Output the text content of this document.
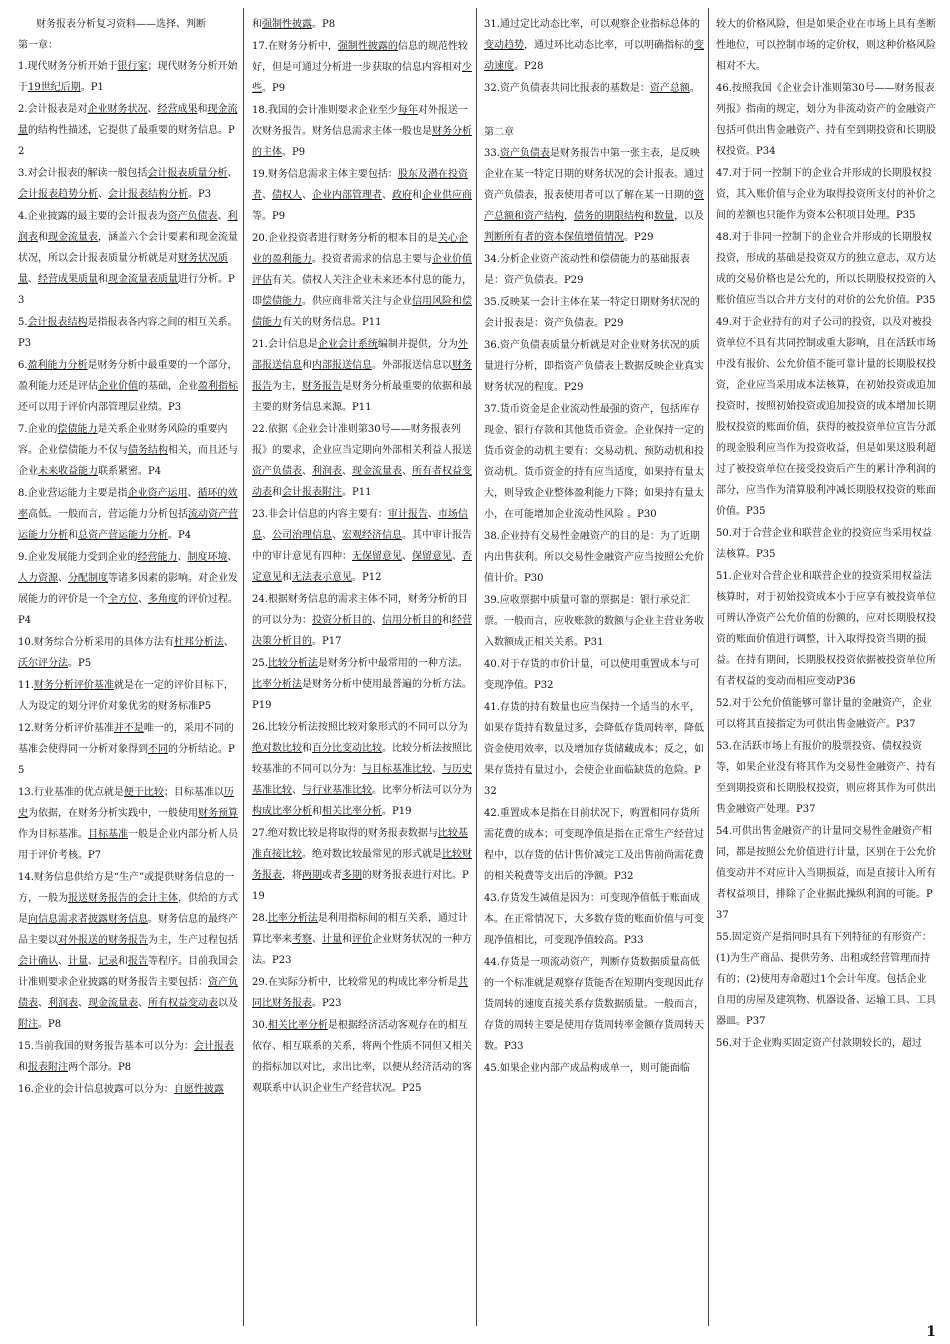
财务报表分析复习资料——选择、判断

第一章：

1.现代财务分析开始于银行家；现代财务分析开始于19世纪后期。P1

2.会计报表是对企业财务状况、经营成果和现金流量的结构性描述，它提供了最重要的财务信息。P2

3.对会计报表的解读一般包括会计报表质量分析、会计报表趋势分析、会计报表结构分析。P3

4.企业披露的最主要的会计报表为资产负债表、利润表和现金流量表，涵盖六个会计要素和现金流量状况，所以会计报表质量分析就是对财务状况质量、经营成果质量和现金流量表质量进行分析。P3

5.会计报表结构是指报表各内容之间的相互关系。P3

6.盈利能力分析是财务分析中最重要的一个部分，盈利能力还是评估企业价值的基础，企业盈利指标还可以用于评价内部管理层业绩。P3

7.企业的偿债能力是关系企业财务风险的重要内容。企业偿债能力不仅与债务结构相关，而且还与企业未来收益能力联系紧密。P4

8.企业营运能力主要是指企业资产运用、循环的效率高低。一般而言，营运能力分析包括流动资产营运能力分析和总资产营运能力分析。P4

9.企业发展能力受到企业的经营能力、制度环境、人力资源、分配制度等诸多因素的影响。对企业发展能力的评价是一个全方位、多角度的评价过程。P4

10.财务综合分析采用的具体方法有杜邦分析法、沃尔评分法。P5

11.财务分析评价基准就是在一定的评价目标下，人为设定的划分评价对象优劣的财务标准P5

12.财务分析评价基准并不是唯一的，采用不同的基准会使得同一分析对象得到不同的分析结论。P5

13.行业基准的优点就是便于比较；目标基准以历史为依据，在财务分析实践中，一般使用财务预算作为目标基准。目标基准一般是企业内部分析人员用于评价考核。P7

14.财务信息供给方是“生产”或提供财务信息的一方，一般为报送财务报告的会计主体，供给的方式是向信息需求者披露财务信息。财务信息的最终产品主要以对外报送的财务报告为主，生产过程包括会计确认、计量、记录和报告等程序。目前我国会计准则要求企业披露的财务报告主要包括：资产负债表、利润表、现金流量表、所有权益变动表以及附注。P8

15.当前我国的财务报告基本可以分为：会计报表和报表附注两个部分。P8

16.企业的会计信息披露可以分为：自愿性披露

和强制性披露。P8

17.在财务分析中，强制性披露的信息的规范性较好，但是可通过分析进一步获取的信息内容相对少些。P9

18.我国的会计准则要求企业至少每年对外报送一次财务报告。财务信息需求主体一般也是财务分析的主体。P9

19.财务信息需求主体主要包括：股东及潜在投资者、债权人、企业内部管理者、政府和企业供应商等。P9

20.企业投资者进行财务分析的根本目的是关心企业的盈利能力。投资者需求的信息主要与企业价值评估有关。债权人关注企业未来还本付息的能力，即偿债能力。供应商非常关注与企业信用风险和偿债能力有关的财务信息。P11

21.会计信息是企业会计系统编制并提供，分为外部报送信息和内部报送信息。外部报送信息以财务报告为主，财务报告是财务分析最重要的依据和最主要的财务信息来源。P11

22.依据《企业会计准则第30号——财务报表列报》的要求，企业应当定期向外部相关利益人报送资产负债表、利润表、现金流量表、所有者权益变动表和会计报表附注。P11

23.非会计信息的内容主要有：审计报告、市场信息、公司治理信息、宏观经济信息。其中审计报告中的审计意见有四种：无保留意见、保留意见、否定意见和无法表示意见。P12

24.根据财务信息的需求主体不同，财务分析的目的可以分为：投资分析目的、信用分析目的和经营决策分析目的。P17

25.比较分析法是财务分析中最常用的一种方法。比率分析法是财务分析中使用最普遍的分析方法。P19

26.比较分析法按照比较对象形式的不同可以分为绝对数比较和百分比变动比较。比较分析法按照比较基准的不同可以分为：与目标基准比较、与历史基准比较、与行业基准比较。比率分析法可以分为构成比率分析和相关比率分析。P19

27.绝对数比较是将取得的财务报表数据与比较基准直接比较。绝对数比较最常见的形式就是比较财务报表，将两期或者多期的财务报表进行对比。P19

28.比率分析法是利用指标间的相互关系，通过计算比率来考察、计量和评价企业财务状况的一种方法。P23

29.在实际分析中，比较常见的构成比率分析是共同比财务报表。P23

30.相关比率分析是根据经济活动客观存在的相互依存、相互联系的关系，将两个性质不同但又相关的指标加以对比，求出比率，以便从经济活动的客观联系中认识企业生产经营状况。P25

31.通过定比动态比率，可以观察企业指标总体的变动趋势，通过环比动态比率，可以明确指标的变动速度。P28

32.资产负债表共同比报表的基数是：资产总额。

第二章

33.资产负债表是财务报告中第一张主表，是反映企业在某一特定日期的财务状况的会计报表。通过资产负债表，报表使用者可以了解在某一日期的资产总额和资产结构，债务的期限结构和数量，以及判断所有者的资本保值增值情况。P29

34.分析企业资产流动性和偿债能力的基础报表是：资产负债表。P29

35.反映某一会计主体在某一特定日期财务状况的会计报表是：资产负债表。P29

36.资产负债表质量分析就是对企业财务状况的质量进行分析，即指资产负债表上数据反映企业真实财务状况的程度。P29

37.货币资金是企业流动性最强的资产，包括库存现金、银行存款和其他货币资金。企业保持一定的货币资金的动机主要有：交易动机、预防动机和投资动机。货币资金的持有应当适度，如果持有量太大，则导致企业整体盈利能力下降；如果持有量太小，在可能增加企业流动性风险 。P30

38.企业持有交易性金融资产的目的是：为了近期内出售获利。所以交易性金融资产应当按照公允价值计价。P30

39.应收票据中质量可靠的票据是：银行承兑汇票。一般而言，应收账款的数额与企业主营业务收入数额成正相关关系。P31

40.对于存货的市价计量，可以使用重置成本与可变现净值。P32

41.存货的持有数量也应当保持一个适当的水平，如果存货持有数量过多，会降低存货周转率，降低资金使用效率，以及增加存货储藏成本；反之，如果存货持有量过小，会使企业面临缺货的危险。P32

42.重置成本是指在目前状况下，购置相同存货所需花费的成本；可变现净值是指在正常生产经营过程中，以存货的估计售价减完工及出售前尚需花费的相关税费等支出后的净额。P32

43.存货发生减值是因为：可变现净值低于账面成本。在正常情况下，大多数存货的账面价值与可变现净值相比，可变现净值较高。P33

44.存货是一项流动资产，判断存货数据质量高低的一个标准就是观察存货能否在短期内变现因此存货周转的速度直接关系存货数据质量。一般而言，存货的周转主要是使用存货周转率金额存货周转天数。P33

45.如果企业内部产成品构成单一，则可能面临

较大的价格风险，但是如果企业在市场上具有垄断性地位，可以控制市场的定价权，则这种价格风险相对不大。

46.按照我国《企业会计准则第30号——财务报表列报》指南的规定，划分为非流动资产的金融资产包括可供出售金融资产、持有至到期投资和长期股权投资。P34

47.对于同一控制下的企业合并形成的长期股权投资，其入账价值与企业为取得投资所支付的补价之间的差额也只能作为资本公积项目处理。P35

48.对于非同一控制下的企业合并形成的长期股权投资，形成的基础是投资双方的独立意志，双方达成的交易价格也是公允的，所以长期股权投资的入账价值应当以合并方支付的对价的公允价值。P35

49.对于企业持有的对子公司的投资，以及对被投资单位不具有共同控制或重大影响，且在活跃市场中没有报价、公允价值不能可靠计量的长期股权投资，企业应当采用成本法核算，在初始投资或追加投资时，按照初始投资或追加投资的成本增加长期股权投资的账面价值，获得的被投资单位宣告分派的现金股利应当作为投资收益，但是如果这股利超过了被投资单位在接受投资后产生的累计净利润的部分，应当作为清算股利冲减长期股权投资的账面价值。P35

50.对于合营企业和联营企业的投资应当采用权益法核算。P35

51.企业对合营企业和联营企业的投资采用权益法核算时，对于初始投资成本小于应享有被投资单位可辨认净资产公允价值的份额的，应对长期股权投资的账面价值进行调整，计入取得投资当期的损益。在持有期间，长期股权投资依据被投资单位所有者权益的变动而相应变动P36

52.对于公允价值能够可靠计量的金融资产，企业可以将其直接指定为可供出售金融资产。P37

53.在活跃市场上有报价的股票投资、债权投资等，如果企业没有将其作为交易性金融资产、持有至到期投资和长期股权投资，则应将其作为可供出售金融资产处理。P37

54.可供出售金融资产的计量同交易性金融资产相同，都是按照公允价值进行计量，区别在于公允价值变动并不对应计入当期损益，而是直接计入所有者权益项目，排除了企业据此操纵利润的可能。P37

55.固定资产是指同时具有下列特征的有形资产：(1)为生产商品、提供劳务、出租或经营管理而持有的；(2)使用寿命超过1个会计年度。包括企业自用的房屋及建筑物、机器设备、运输工具、工具器皿。P37

56.对于企业购买固定资产付款期较长的，超过

1
